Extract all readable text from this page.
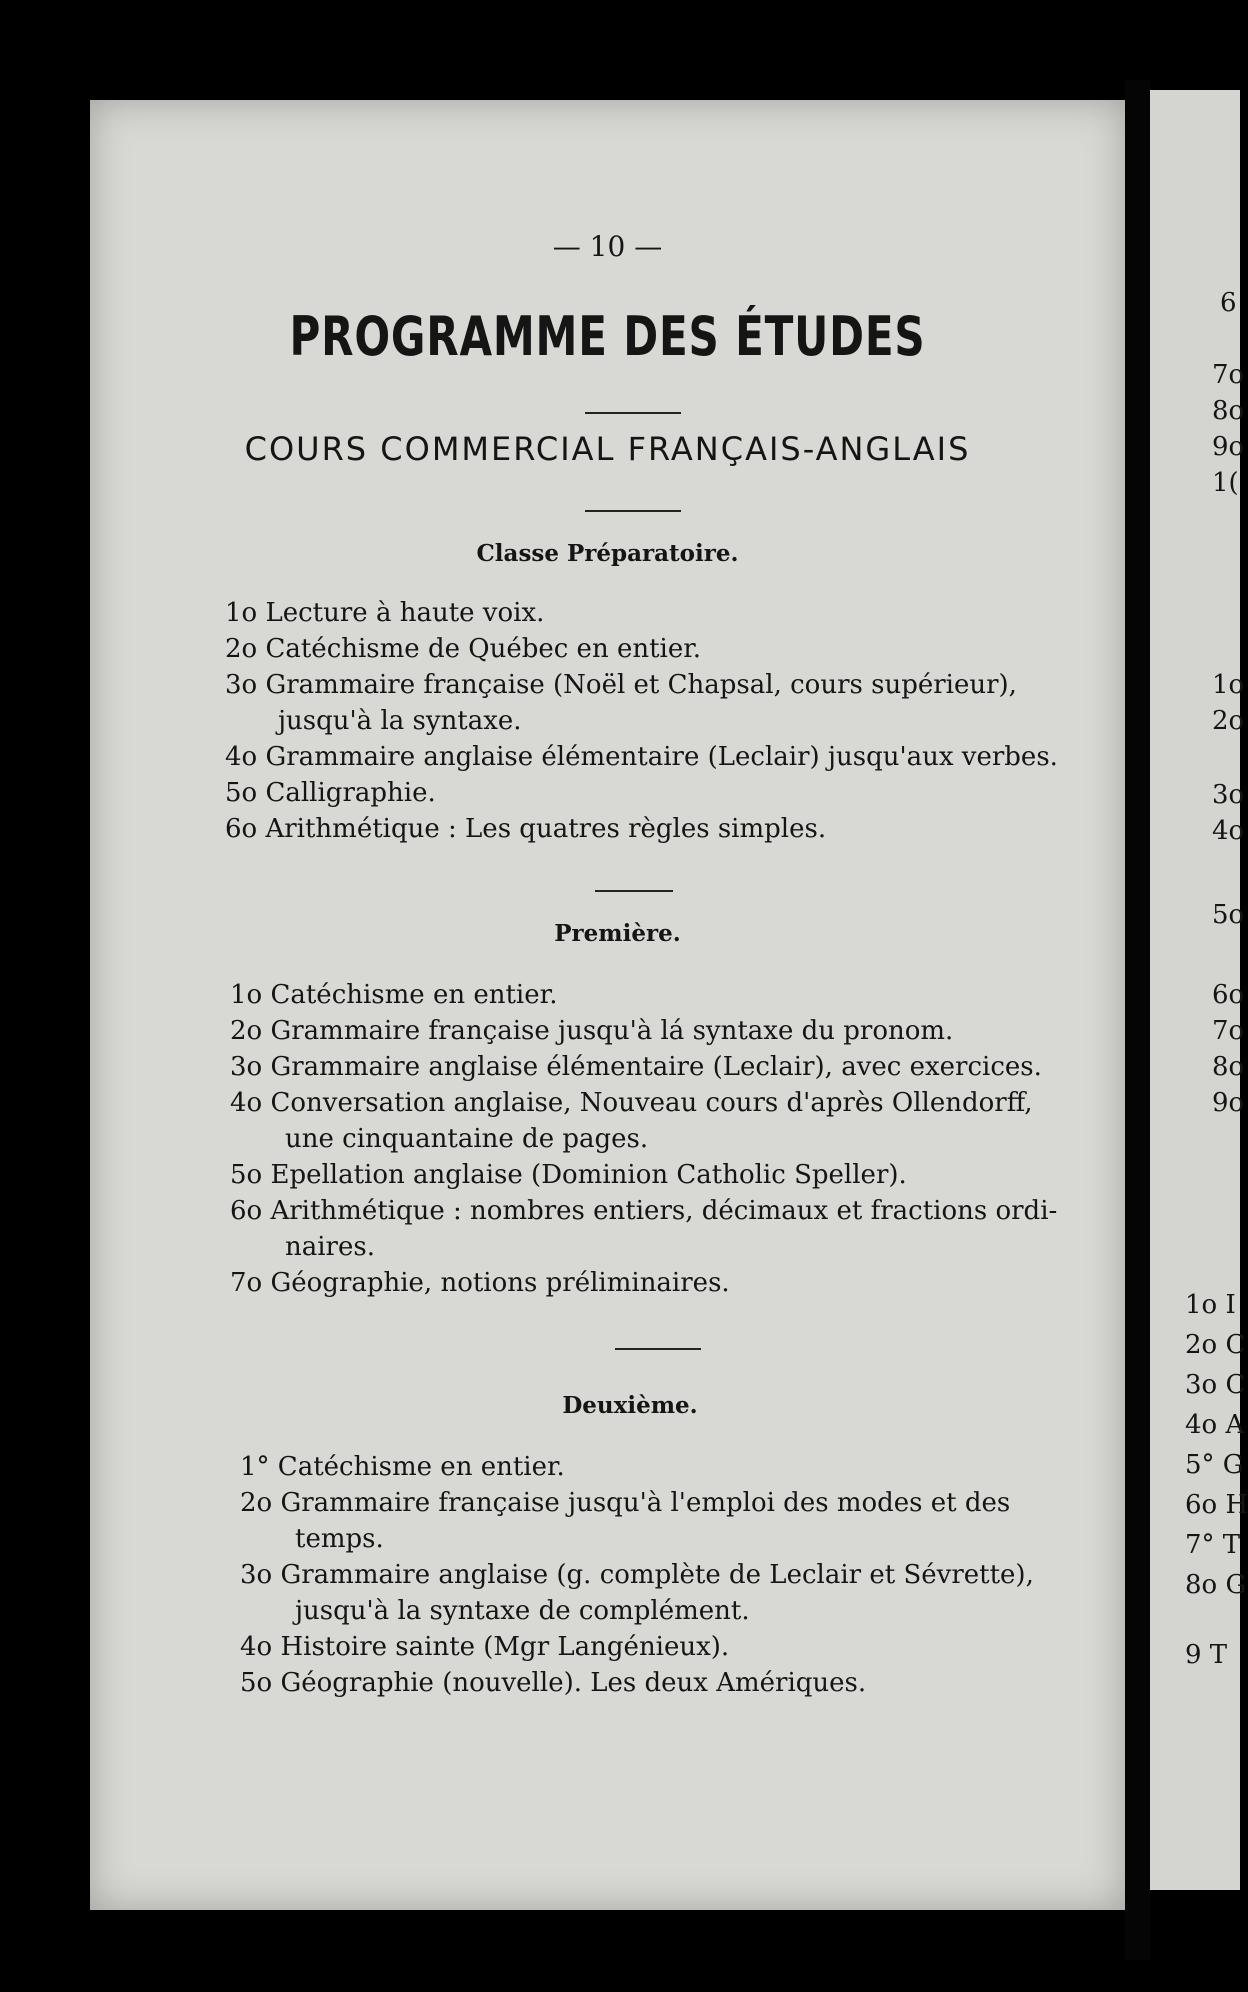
— 10 —
PROGRAMME DES ÉTUDES
COURS COMMERCIAL FRANÇAIS-ANGLAIS
Classe Préparatoire.
1o Lecture à haute voix.
2o Catéchisme de Québec en entier.
3o Grammaire française (Noël et Chapsal, cours supérieur),
jusqu'à la syntaxe.
4o Grammaire anglaise élémentaire (Leclair) jusqu'aux verbes.
5o Calligraphie.
6o Arithmétique : Les quatres règles simples.
Première.
1o Catéchisme en entier.
2o Grammaire française jusqu'à lá syntaxe du pronom.
3o Grammaire anglaise élémentaire (Leclair), avec exercices.
4o Conversation anglaise, Nouveau cours d'après Ollendorff,
une cinquantaine de pages.
5o Epellation anglaise (Dominion Catholic Speller).
6o Arithmétique : nombres entiers, décimaux et fractions ordi-
naires.
7o Géographie, notions préliminaires.
Deuxième.
1° Catéchisme en entier.
2o Grammaire française jusqu'à l'emploi des modes et des
temps.
3o Grammaire anglaise (g. complète de Leclair et Sévrette),
jusqu'à la syntaxe de complément.
4o Histoire sainte (Mgr Langénieux).
5o Géographie (nouvelle). Les deux Amériques.
6
7o
8o
9o
1(
1o
2o
3o
4o
5o
6o
7o
8o
9o
1o I
2o C
3o C
4o A
5° G
6o H
7° T
8o G
9 T
